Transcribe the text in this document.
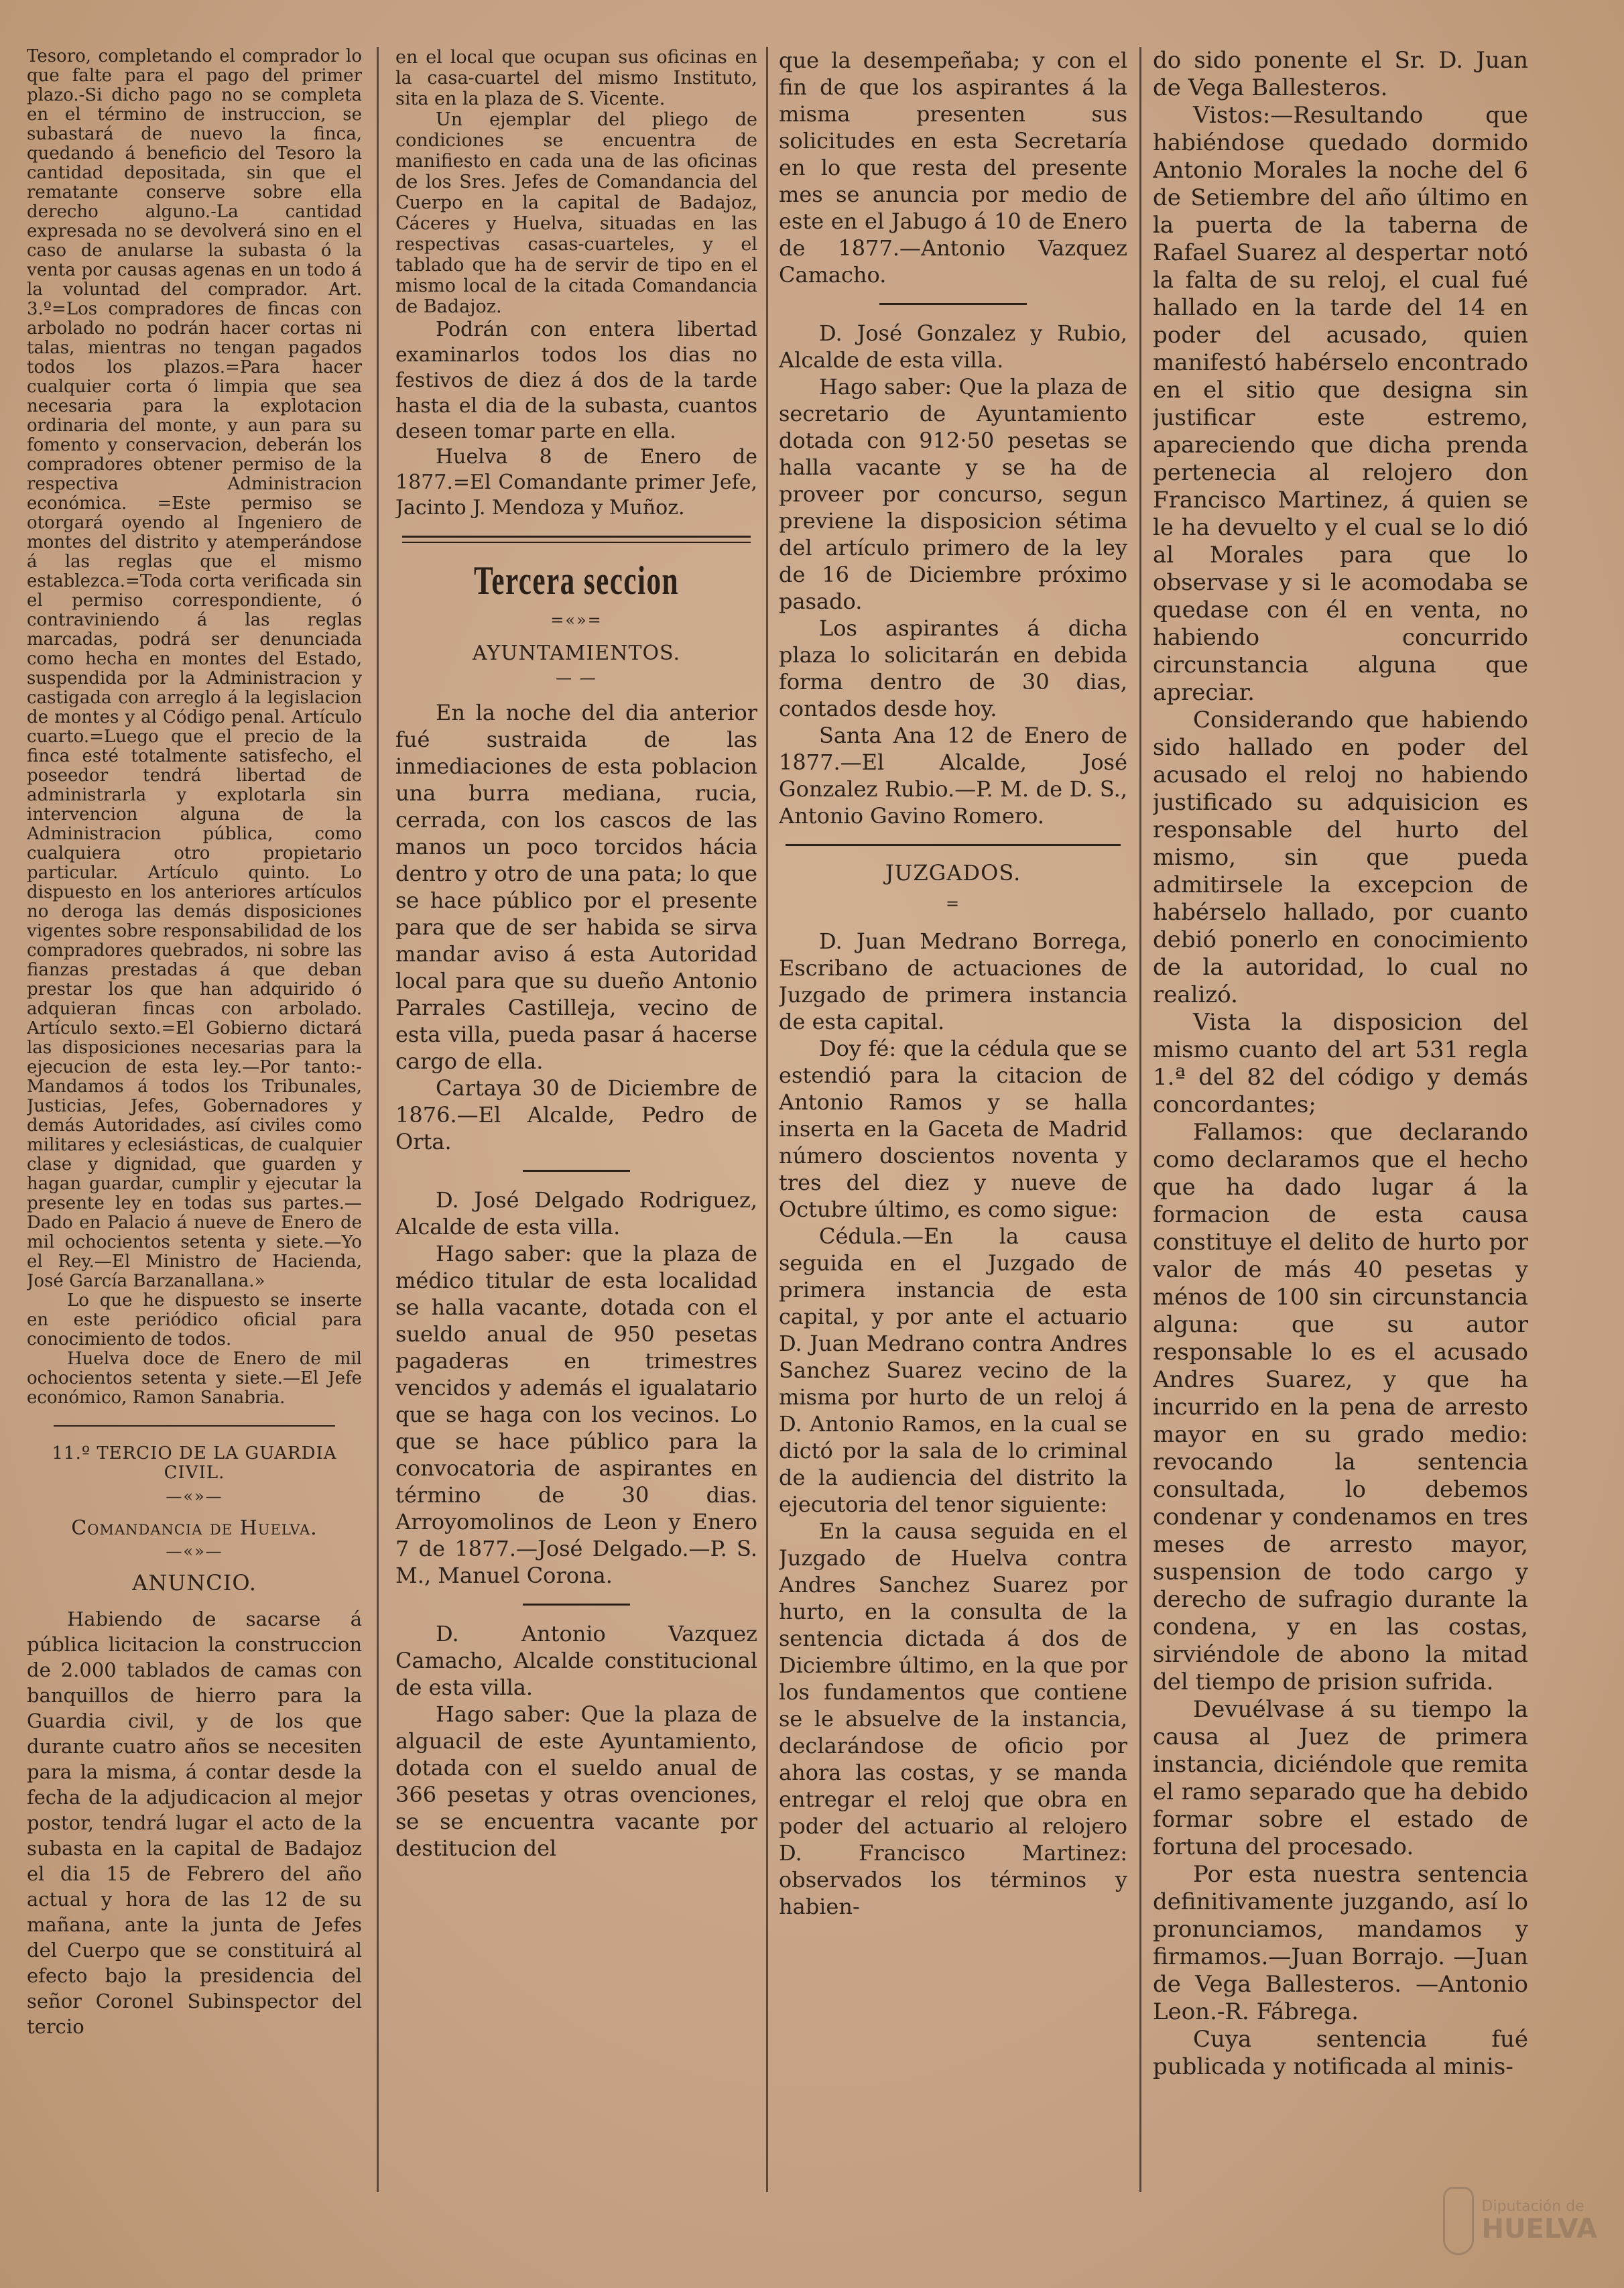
Tesoro, completando el comprador lo que falte para el pago del primer plazo.-Si dicho pago no se completa en el término de instruccion, se subastará de nuevo la finca, quedando á beneficio del Tesoro la cantidad depositada, sin que el rematante conserve sobre ella derecho alguno.-La cantidad expresada no se devolverá sino en el caso de anularse la subasta ó la venta por causas agenas en un todo á la voluntad del comprador. Art. 3.º=Los compradores de fincas con arbolado no podrán hacer cortas ni talas, mientras no tengan pagados todos los plazos.=Para hacer cualquier corta ó limpia que sea necesaria para la explotacion ordinaria del monte, y aun para su fomento y conservacion, deberán los compradores obtener permiso de la respectiva Administracion económica. =Este permiso se otorgará oyendo al Ingeniero de montes del distrito y atemperándose á las reglas que el mismo establezca.=Toda corta verificada sin el permiso correspondiente, ó contraviniendo á las reglas marcadas, podrá ser denunciada como hecha en montes del Estado, suspendida por la Administracion y castigada con arreglo á la legislacion de montes y al Código penal. Artículo cuarto.=Luego que el precio de la finca esté totalmente satisfecho, el poseedor tendrá libertad de administrarla y explotarla sin intervencion alguna de la Administracion pública, como cualquiera otro propietario particular. Artículo quinto. Lo dispuesto en los anteriores artículos no deroga las demás disposiciones vigentes sobre responsabilidad de los compradores quebrados, ni sobre las fianzas prestadas á que deban prestar los que han adquirido ó adquieran fincas con arbolado. Artículo sexto.=El Gobierno dictará las disposiciones necesarias para la ejecucion de esta ley.—Por tanto:-Mandamos á todos los Tribunales, Justicias, Jefes, Gobernadores y demás Autoridades, así civiles como militares y eclesiásticas, de cualquier clase y dignidad, que guarden y hagan guardar, cumplir y ejecutar la presente ley en todas sus partes.—Dado en Palacio á nueve de Enero de mil ochocientos setenta y siete.—Yo el Rey.—El Ministro de Hacienda, José García Barzanallana.»

Lo que he dispuesto se inserte en este periódico oficial para conocimiento de todos.

Huelva doce de Enero de mil ochocientos setenta y siete.—El Jefe económico, Ramon Sanabria.

11.º TERCIO DE LA GUARDIA CIVIL.
—«»—
Comandancia de Huelva.
—«»—
ANUNCIO.

Habiendo de sacarse á pública licitacion la construccion de 2.000 tablados de camas con banquillos de hierro para la Guardia civil, y de los que durante cuatro años se necesiten para la misma, á contar desde la fecha de la adjudicacion al mejor postor, tendrá lugar el acto de la subasta en la capital de Badajoz el dia 15 de Febrero del año actual y hora de las 12 de su mañana, ante la junta de Jefes del Cuerpo que se constituirá al efecto bajo la presidencia del señor Coronel Subinspector del tercio

en el local que ocupan sus oficinas en la casa-cuartel del mismo Instituto, sita en la plaza de S. Vicente.

Un ejemplar del pliego de condiciones se encuentra de manifiesto en cada una de las oficinas de los Sres. Jefes de Comandancia del Cuerpo en la capital de Badajoz, Cáceres y Huelva, situadas en las respectivas casas-cuarteles, y el tablado que ha de servir de tipo en el mismo local de la citada Comandancia de Badajoz.

Podrán con entera libertad examinarlos todos los dias no festivos de diez á dos de la tarde hasta el dia de la subasta, cuantos deseen tomar parte en ella.

Huelva 8 de Enero de 1877.=El Comandante primer Jefe, Jacinto J. Mendoza y Muñoz.

Tercera seccion
=«»=
AYUNTAMIENTOS.
— —

En la noche del dia anterior fué sustraida de las inmediaciones de esta poblacion una burra mediana, rucia, cerrada, con los cascos de las manos un poco torcidos hácia dentro y otro de una pata; lo que se hace público por el presente para que de ser habida se sirva mandar aviso á esta Autoridad local para que su dueño Antonio Parrales Castilleja, vecino de esta villa, pueda pasar á hacerse cargo de ella.

Cartaya 30 de Diciembre de 1876.—El Alcalde, Pedro de Orta.

D. José Delgado Rodriguez, Alcalde de esta villa.

Hago saber: que la plaza de médico titular de esta localidad se halla vacante, dotada con el sueldo anual de 950 pesetas pagaderas en trimestres vencidos y además el igualatario que se haga con los vecinos. Lo que se hace público para la convocatoria de aspirantes en término de 30 dias. Arroyomolinos de Leon y Enero 7 de 1877.—José Delgado.—P. S. M., Manuel Corona.

D. Antonio Vazquez Camacho, Alcalde constitucional de esta villa.

Hago saber: Que la plaza de alguacil de este Ayuntamiento, dotada con el sueldo anual de 366 pesetas y otras ovenciones, se se encuentra vacante por destitucion del

que la desempeñaba; y con el fin de que los aspirantes á la misma presenten sus solicitudes en esta Secretaría en lo que resta del presente mes se anuncia por medio de este en el Jabugo á 10 de Enero de 1877.—Antonio Vazquez Camacho.

D. José Gonzalez y Rubio, Alcalde de esta villa.

Hago saber: Que la plaza de secretario de Ayuntamiento dotada con 912·50 pesetas se halla vacante y se ha de proveer por concurso, segun previene la disposicion sétima del artículo primero de la ley de 16 de Diciembre próximo pasado.

Los aspirantes á dicha plaza lo solicitarán en debida forma dentro de 30 dias, contados desde hoy.

Santa Ana 12 de Enero de 1877.—El Alcalde, José Gonzalez Rubio.—P. M. de D. S., Antonio Gavino Romero.

JUZGADOS.
=

D. Juan Medrano Borrega, Escribano de actuaciones de Juzgado de primera instancia de esta capital.

Doy fé: que la cédula que se estendió para la citacion de Antonio Ramos y se halla inserta en la Gaceta de Madrid número doscientos noventa y tres del diez y nueve de Octubre último, es como sigue:

Cédula.—En la causa seguida en el Juzgado de primera instancia de esta capital, y por ante el actuario D. Juan Medrano contra Andres Sanchez Suarez vecino de la misma por hurto de un reloj á D. Antonio Ramos, en la cual se dictó por la sala de lo criminal de la audiencia del distrito la ejecutoria del tenor siguiente:

En la causa seguida en el Juzgado de Huelva contra Andres Sanchez Suarez por hurto, en la consulta de la sentencia dictada á dos de Diciembre último, en la que por los fundamentos que contiene se le absuelve de la instancia, declarándose de oficio por ahora las costas, y se manda entregar el reloj que obra en poder del actuario al relojero D. Francisco Martinez: observados los términos y habien-

do sido ponente el Sr. D. Juan de Vega Ballesteros.

Vistos:—Resultando que habiéndose quedado dormido Antonio Morales la noche del 6 de Setiembre del año último en la puerta de la taberna de Rafael Suarez al despertar notó la falta de su reloj, el cual fué hallado en la tarde del 14 en poder del acusado, quien manifestó habérselo encontrado en el sitio que designa sin justificar este estremo, apareciendo que dicha prenda pertenecia al relojero don Francisco Martinez, á quien se le ha devuelto y el cual se lo dió al Morales para que lo observase y si le acomodaba se quedase con él en venta, no habiendo concurrido circunstancia alguna que apreciar.

Considerando que habiendo sido hallado en poder del acusado el reloj no habiendo justificado su adquisicion es responsable del hurto del mismo, sin que pueda admitirsele la excepcion de habérselo hallado, por cuanto debió ponerlo en conocimiento de la autoridad, lo cual no realizó.

Vista la disposicion del mismo cuanto del art 531 regla 1.ª del 82 del código y demás concordantes;

Fallamos: que declarando como declaramos que el hecho que ha dado lugar á la formacion de esta causa constituye el delito de hurto por valor de más 40 pesetas y ménos de 100 sin circunstancia alguna: que su autor responsable lo es el acusado Andres Suarez, y que ha incurrido en la pena de arresto mayor en su grado medio: revocando la sentencia consultada, lo debemos condenar y condenamos en tres meses de arresto mayor, suspension de todo cargo y derecho de sufragio durante la condena, y en las costas, sirviéndole de abono la mitad del tiempo de prision sufrida.

Devuélvase á su tiempo la causa al Juez de primera instancia, diciéndole que remita el ramo separado que ha debido formar sobre el estado de fortuna del procesado.

Por esta nuestra sentencia definitivamente juzgando, así lo pronunciamos, mandamos y firmamos.—Juan Borrajo. —Juan de Vega Ballesteros. —Antonio Leon.-R. Fábrega.

Cuya sentencia fué publicada y notificada al minis-

Diputación de
HUELVA
